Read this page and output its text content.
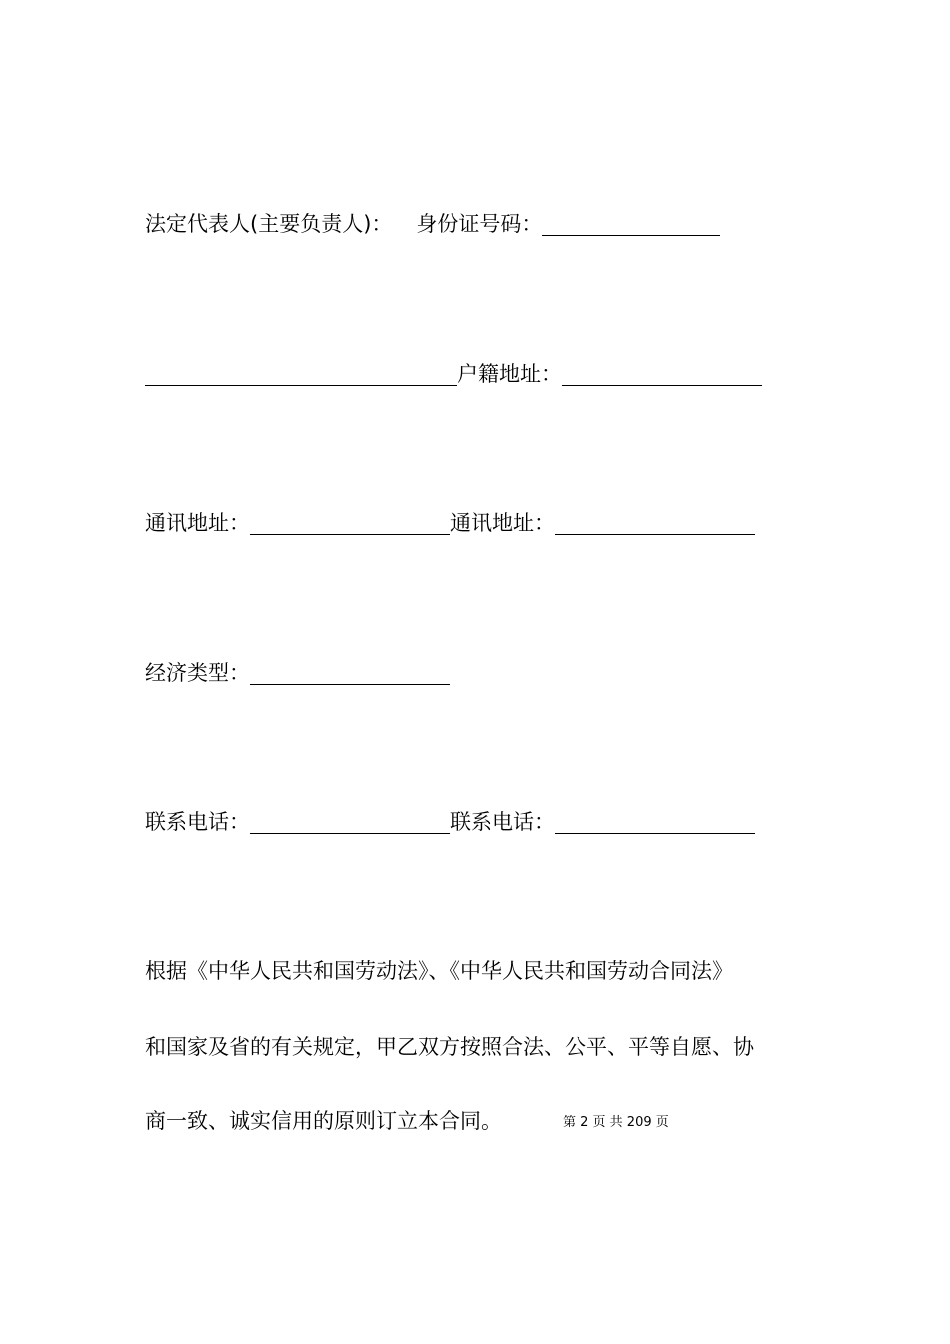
法定代表人(主要负责人)： 身份证号码：
户籍地址：
通讯地址：	通讯地址：
经济类型：
联系电话：	联系电话：
根据《中华人民共和国劳动法》、《中华人民共和国劳动合同法》
和国家及省的有关规定，甲乙双方按照合法、公平、平等自愿、协
商一致、诚实信用的原则订立本合同。	第 2 页 共 209 页
